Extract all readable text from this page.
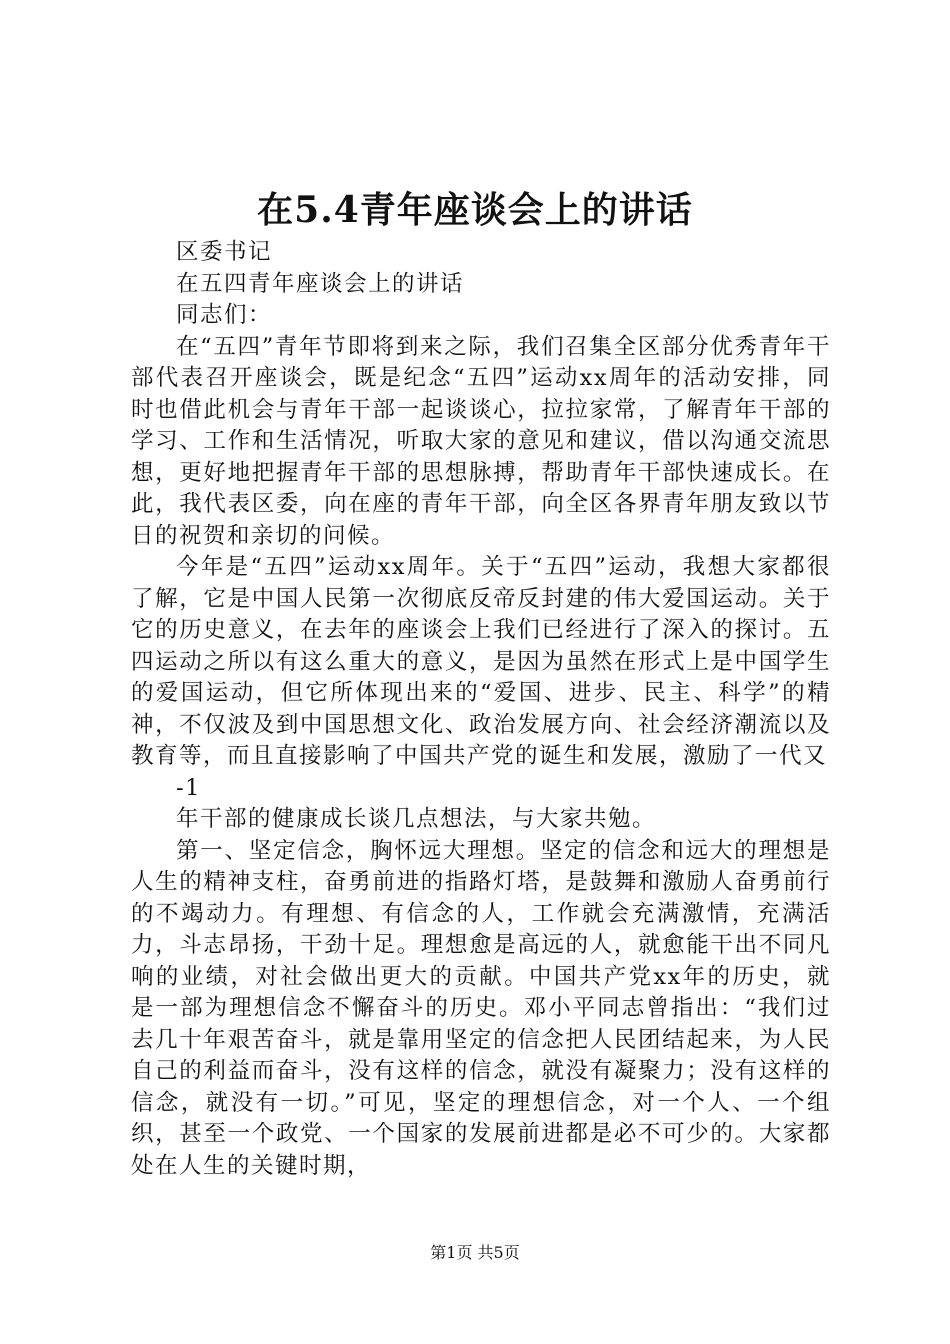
在5.4青年座谈会上的讲话

区委书记

在五四青年座谈会上的讲话

同志们：

在“五四”青年节即将到来之际，我们召集全区部分优秀青年干部代表召开座谈会，既是纪念“五四”运动xx周年的活动安排，同时也借此机会与青年干部一起谈谈心，拉拉家常，了解青年干部的学习、工作和生活情况，听取大家的意见和建议，借以沟通交流思想，更好地把握青年干部的思想脉搏，帮助青年干部快速成长。在此，我代表区委，向在座的青年干部，向全区各界青年朋友致以节日的祝贺和亲切的问候。

今年是“五四”运动xx周年。关于“五四”运动，我想大家都很了解，它是中国人民第一次彻底反帝反封建的伟大爱国运动。关于它的历史意义，在去年的座谈会上我们已经进行了深入的探讨。五四运动之所以有这么重大的意义，是因为虽然在形式上是中国学生的爱国运动，但它所体现出来的“爱国、进步、民主、科学”的精神，不仅波及到中国思想文化、政治发展方向、社会经济潮流以及教育等，而且直接影响了中国共产党的诞生和发展，激励了一代又

-1

年干部的健康成长谈几点想法，与大家共勉。

第一、坚定信念，胸怀远大理想。坚定的信念和远大的理想是人生的精神支柱，奋勇前进的指路灯塔，是鼓舞和激励人奋勇前行的不竭动力。有理想、有信念的人，工作就会充满激情，充满活力，斗志昂扬，干劲十足。理想愈是高远的人，就愈能干出不同凡响的业绩，对社会做出更大的贡献。中国共产党xx年的历史，就是一部为理想信念不懈奋斗的历史。邓小平同志曾指出：“我们过去几十年艰苦奋斗，就是靠用坚定的信念把人民团结起来，为人民自己的利益而奋斗，没有这样的信念，就没有凝聚力；没有这样的信念，就没有一切。”可见，坚定的理想信念，对一个人、一个组织，甚至一个政党、一个国家的发展前进都是必不可少的。大家都处在人生的关键时期，

第1页 共5页
